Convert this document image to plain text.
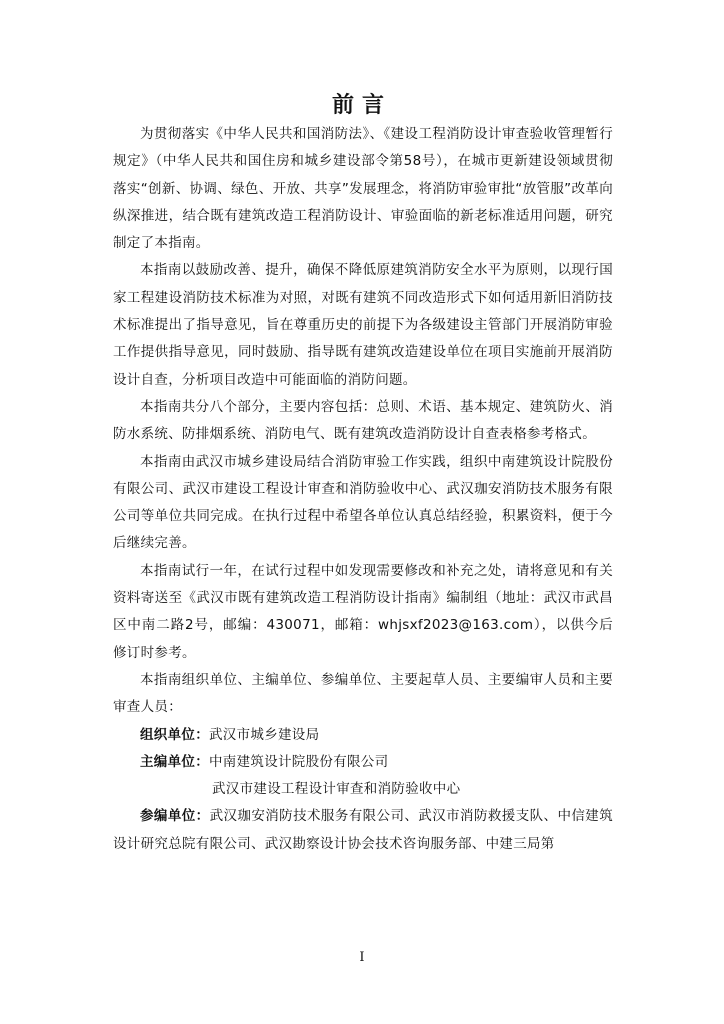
前言

为贯彻落实《中华人民共和国消防法》、《建设工程消防设计审查验收管理暂行规定》（中华人民共和国住房和城乡建设部令第58号），在城市更新建设领域贯彻落实“创新、协调、绿色、开放、共享”发展理念，将消防审验审批“放管服”改革向纵深推进，结合既有建筑改造工程消防设计、审验面临的新老标准适用问题，研究制定了本指南。

本指南以鼓励改善、提升，确保不降低原建筑消防安全水平为原则，以现行国家工程建设消防技术标准为对照，对既有建筑不同改造形式下如何适用新旧消防技术标准提出了指导意见，旨在尊重历史的前提下为各级建设主管部门开展消防审验工作提供指导意见，同时鼓励、指导既有建筑改造建设单位在项目实施前开展消防设计自查，分析项目改造中可能面临的消防问题。

本指南共分八个部分，主要内容包括：总则、术语、基本规定、建筑防火、消防水系统、防排烟系统、消防电气、既有建筑改造消防设计自查表格参考格式。

本指南由武汉市城乡建设局结合消防审验工作实践，组织中南建筑设计院股份有限公司、武汉市建设工程设计审查和消防验收中心、武汉珈安消防技术服务有限公司等单位共同完成。在执行过程中希望各单位认真总结经验，积累资料，便于今后继续完善。

本指南试行一年，在试行过程中如发现需要修改和补充之处，请将意见和有关资料寄送至《武汉市既有建筑改造工程消防设计指南》编制组（地址：武汉市武昌区中南二路2号，邮编：430071，邮箱：whjsxf2023@163.com），以供今后修订时参考。

本指南组织单位、主编单位、参编单位、主要起草人员、主要编审人员和主要审查人员：

组织单位：武汉市城乡建设局

主编单位：中南建筑设计院股份有限公司

武汉市建设工程设计审查和消防验收中心

参编单位：武汉珈安消防技术服务有限公司、武汉市消防救援支队、中信建筑设计研究总院有限公司、武汉勘察设计协会技术咨询服务部、中建三局第

I
